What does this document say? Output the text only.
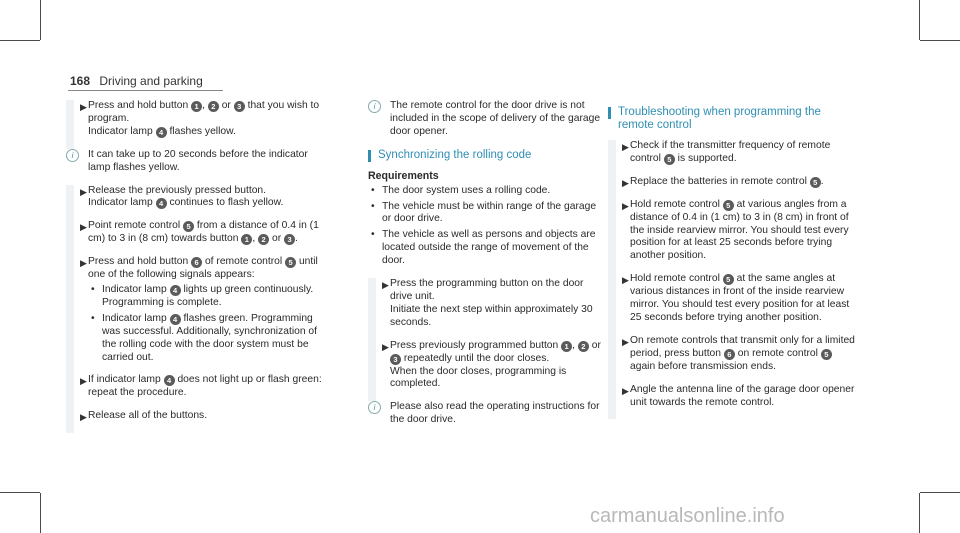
168 Driving and parking
▶ Press and hold button 1 , 2 or 3 that you wish to program.
Indicator lamp 4 flashes yellow.
i	It can take up to 20 seconds before the indicator lamp flashes yellow.
▶ Release the previously pressed button.
Indicator lamp 4 continues to flash yellow.
▶ Point remote control 5 from a distance of 0.4 in (1 cm) to 3 in (8 cm) towards button 1 , 2 or 3 .
▶ Press and hold button 6 of remote control 5 until one of the following signals appears:
• Indicator lamp 4 lights up green continuously. Programming is complete.
• Indicator lamp 4 flashes green. Programming was successful. Additionally, synchronization of the rolling code with the door system must be carried out.
▶ If indicator lamp 4 does not light up or flash green: repeat the procedure.
▶ Release all of the buttons.
i	The remote control for the door drive is not included in the scope of delivery of the garage door opener.
Synchronizing the rolling code
Requirements
• The door system uses a rolling code.
• The vehicle must be within range of the garage or door drive.
• The vehicle as well as persons and objects are located outside the range of movement of the door.
▶ Press the programming button on the door drive unit.
Initiate the next step within approximately 30 seconds.
▶ Press previously programmed button 1 , 2 or 3 repeatedly until the door closes.
When the door closes, programming is completed.
i	Please also read the operating instructions for the door drive.
Troubleshooting when programming the remote control
▶ Check if the transmitter frequency of remote control 5 is supported.
▶ Replace the batteries in remote control 5 .
▶ Hold remote control 5 at various angles from a distance of 0.4 in (1 cm) to 3 in (8 cm) in front of the inside rearview mirror. You should test every position for at least 25 seconds before trying another position.
▶ Hold remote control 5 at the same angles at various distances in front of the inside rearview mirror. You should test every position for at least 25 seconds before trying another position.
▶ On remote controls that transmit only for a limited period, press button 6 on remote control 5 again before transmission ends.
▶ Angle the antenna line of the garage door opener unit towards the remote control.
carmanualsonline.info
